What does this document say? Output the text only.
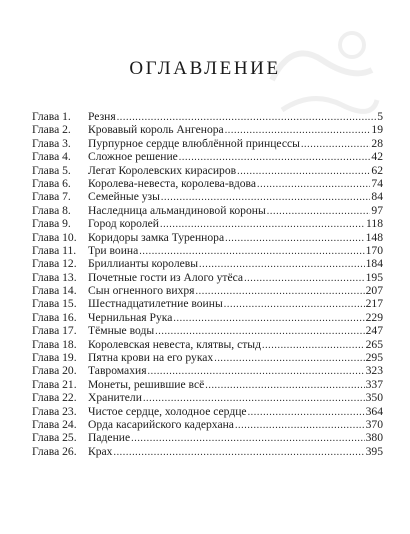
ОГЛАВЛЕНИЕ
Глава 1.	Резня .....	5
Глава 2.	Кровавый король Ангенора .....	19
Глава 3.	Пурпурное сердце влюблённой принцессы .....	28
Глава 4.	Сложное решение .....	42
Глава 5.	Легат Королевских кирасиров .....	62
Глава 6.	Королева-невеста, королева-вдова .....	74
Глава 7.	Семейные узы .....	84
Глава 8.	Наследница альмандиновой короны .....	97
Глава 9.	Город королей .....	118
Глава 10. Коридоры замка Туреннора .....	148
Глава 11.	Три воина .....	170
Глава 12. Бриллианты королевы .....	184
Глава 13. Почетные гости из Алого утёса .....	195
Глава 14. Сын огненного вихря .....	207
Глава 15. Шестнадцатилетние воины .....	217
Глава 16. Чернильная Рука .....	229
Глава 17. Тёмные воды .....	247
Глава 18. Королевская невеста, клятвы, стыд .....	265
Глава 19. Пятна крови на его руках .....	295
Глава 20. Тавромахия .....	323
Глава 21. Монеты, решившие всё .....	337
Глава 22. Хранители .....	350
Глава 23. Чистое сердце, холодное сердце .....	364
Глава 24. Орда касарийского кадерхана .....	370
Глава 25. Падение .....	380
Глава 26. Крах .....	395
